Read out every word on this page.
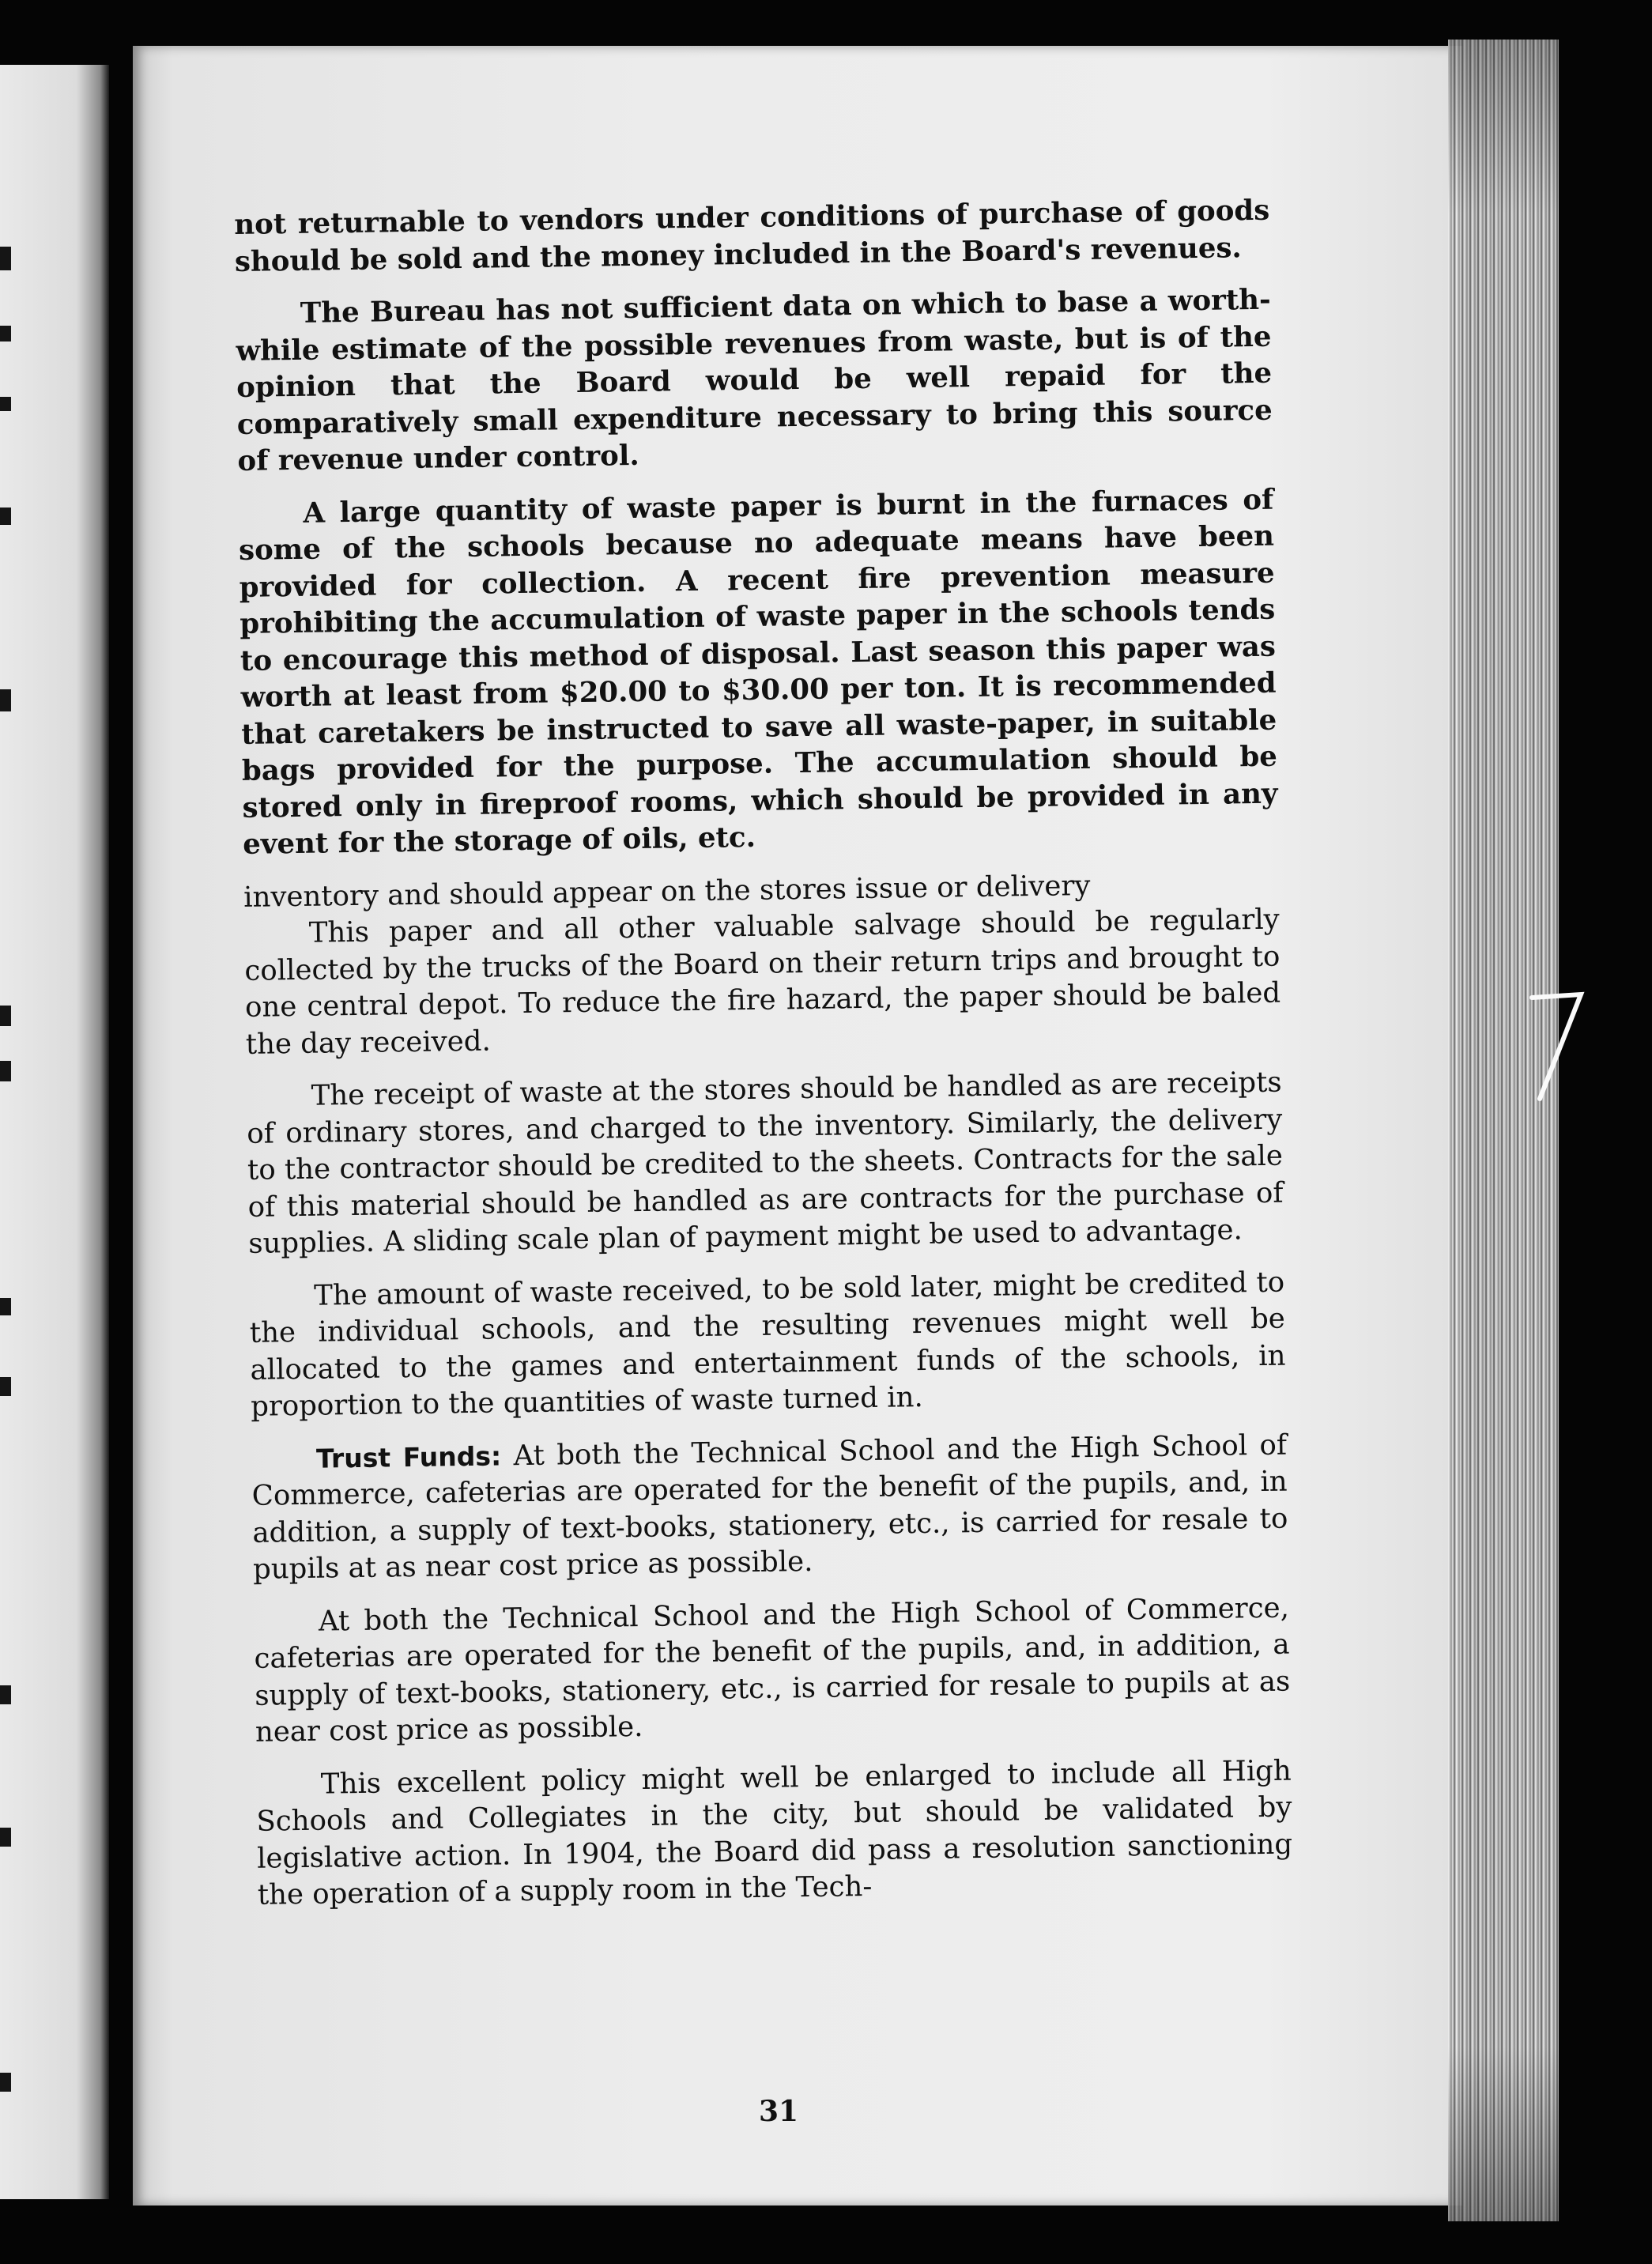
not returnable to vendors under conditions of purchase of goods should be sold and the money included in the Board's revenues.

The Bureau has not sufficient data on which to base a worth-while estimate of the possible revenues from waste, but is of the opinion that the Board would be well repaid for the comparatively small expenditure necessary to bring this source of revenue under control.

A large quantity of waste paper is burnt in the furnaces of some of the schools because no adequate means have been provided for collection. A recent fire prevention measure prohibiting the accumulation of waste paper in the schools tends to encourage this method of disposal. Last season this paper was worth at least from $20.00 to $30.00 per ton. It is recommended that caretakers be instructed to save all waste-paper, in suitable bags provided for the purpose. The accumulation should be stored only in fireproof rooms, which should be provided in any event for the storage of oils, etc.

inventory and should appear on the stores issue or delivery

This paper and all other valuable salvage should be regularly collected by the trucks of the Board on their return trips and brought to one central depot. To reduce the fire hazard, the paper should be baled the day received.

The receipt of waste at the stores should be handled as are receipts of ordinary stores, and charged to the inventory. Similarly, the delivery to the contractor should be credited to the sheets. Contracts for the sale of this material should be handled as are contracts for the purchase of supplies. A sliding scale plan of payment might be used to advantage.

The amount of waste received, to be sold later, might be credited to the individual schools, and the resulting revenues might well be allocated to the games and entertainment funds of the schools, in proportion to the quantities of waste turned in.

Trust Funds: At both the Technical School and the High School of Commerce, cafeterias are operated for the benefit of the pupils, and, in addition, a supply of text-books, stationery, etc., is carried for resale to pupils at as near cost price as possible.

At both the Technical School and the High School of Commerce, cafeterias are operated for the benefit of the pupils, and, in addition, a supply of text-books, stationery, etc., is carried for resale to pupils at as near cost price as possible.

This excellent policy might well be enlarged to include all High Schools and Collegiates in the city, but should be validated by legislative action. In 1904, the Board did pass a resolution sanctioning the operation of a supply room in the Tech-

31
